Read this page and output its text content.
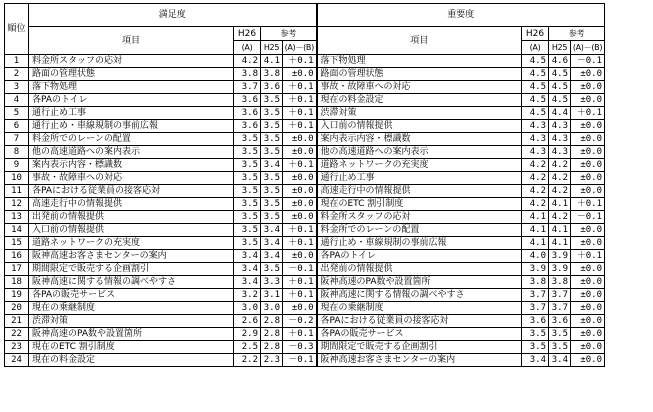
順位	満足度				重要度			
	項目	H26	参考		項目	H26	参考	
		(A)	H25	(A)－(B)		(A)	H25	(A)－(B)
1	料金所スタッフの応対	4.2	4.1	＋0.1	落下物処理	4.5	4.6	－0.1
2	路面の管理状態	3.8	3.8	±0.0	路面の管理状態	4.5	4.5	±0.0
3	落下物処理	3.7	3.6	＋0.1	事故・故障車への対応	4.5	4.5	±0.0
4	各PAのトイレ	3.6	3.5	＋0.1	現在の料金設定	4.5	4.5	±0.0
5	通行止め工事	3.6	3.5	＋0.1	渋滞対策	4.5	4.4	＋0.1
6	通行止め・車線規制の事前広報	3.6	3.5	＋0.1	入口前の情報提供	4.3	4.3	±0.0
7	料金所でのレーンの配置	3.5	3.5	±0.0	案内表示内容・標識数	4.3	4.3	±0.0
8	他の高速道路への案内表示	3.5	3.5	±0.0	他の高速道路への案内表示	4.3	4.3	±0.0
9	案内表示内容・標識数	3.5	3.4	＋0.1	道路ネットワークの充実度	4.2	4.2	±0.0
10	事故・故障車への対応	3.5	3.5	±0.0	通行止め工事	4.2	4.2	±0.0
11	各PAにおける従業員の接客応対	3.5	3.5	±0.0	高速走行中の情報提供	4.2	4.2	±0.0
12	高速走行中の情報提供	3.5	3.5	±0.0	現在のETC 割引制度	4.2	4.1	＋0.1
13	出発前の情報提供	3.5	3.5	±0.0	料金所スタッフの応対	4.1	4.2	－0.1
14	入口前の情報提供	3.5	3.4	＋0.1	料金所でのレーンの配置	4.1	4.1	±0.0
15	道路ネットワークの充実度	3.5	3.4	＋0.1	通行止め・車線規制の事前広報	4.1	4.1	±0.0
16	阪神高速お客さまセンターの案内	3.4	3.4	±0.0	各PAのトイレ	4.0	3.9	＋0.1
17	期間限定で販売する企画割引	3.4	3.5	－0.1	出発前の情報提供	3.9	3.9	±0.0
18	阪神高速に関する情報の調べやすさ	3.4	3.3	＋0.1	阪神高速のPA数や設置箇所	3.8	3.8	±0.0
19	各PAの販売サービス	3.2	3.1	＋0.1	阪神高速に関する情報の調べやすさ	3.7	3.7	±0.0
20	現在の乗継制度	3.0	3.0	±0.0	現在の乗継制度	3.7	3.7	±0.0
21	渋滞対策	2.6	2.8	－0.2	各PAにおける従業員の接客応対	3.6	3.6	±0.0
22	阪神高速のPA数や設置箇所	2.9	2.8	＋0.1	各PAの販売サービス	3.5	3.5	±0.0
23	現在のETC 割引制度	2.5	2.8	－0.3	期間限定で販売する企画割引	3.5	3.5	±0.0
24	現在の料金設定	2.2	2.3	－0.1	阪神高速お客さまセンターの案内	3.4	3.4	±0.0
